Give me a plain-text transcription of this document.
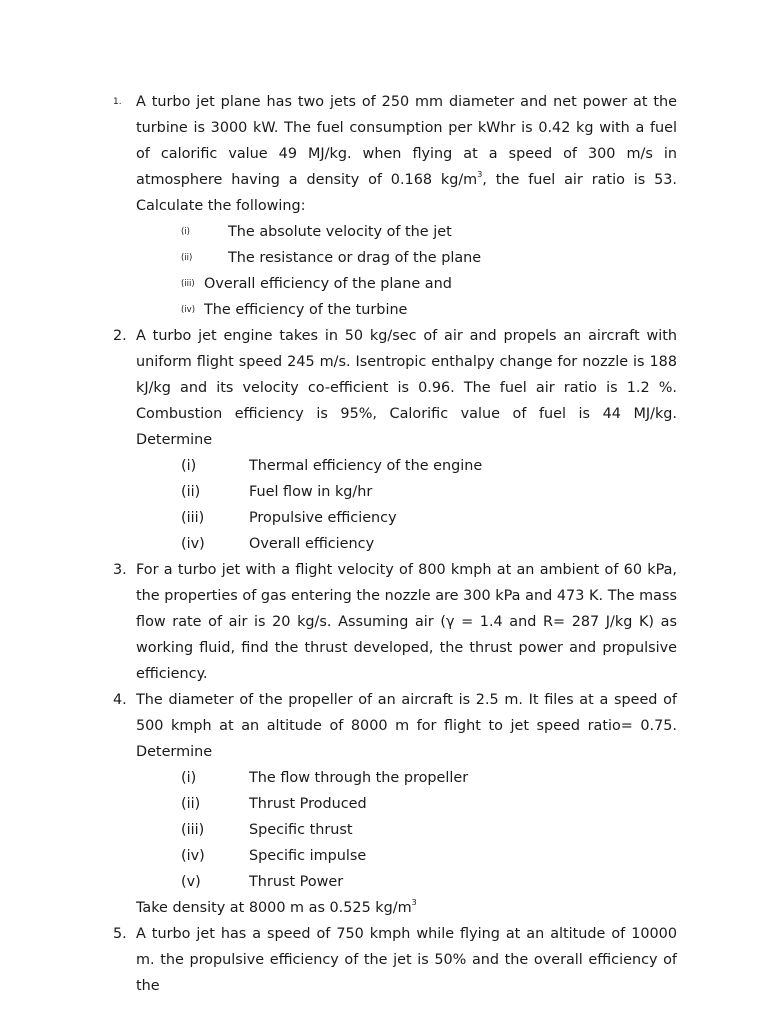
1. A turbo jet plane has two jets of 250 mm diameter and net power at the turbine is 3000 kW. The fuel consumption per kWhr is 0.42 kg with a fuel of calorific value 49 MJ/kg. when flying at a speed of 300 m/s in atmosphere having a density of 0.168 $kg/m^3$, the fuel air ratio is 53. Calculate the following:

(i)	The absolute velocity of the jet
(ii) The resistance or drag of the plane
(iii) Overall efficiency of the plane and
(iv) The efficiency of the turbine
2. A turbo jet engine takes in 50 kg/sec of air and propels an aircraft with uniform flight speed 245 m/s. Isentropic enthalpy change for nozzle is 188 kJ/kg and its velocity co-efficient is 0.96. The fuel air ratio is 1.2 %. Combustion efficiency is 95%, Calorific value of fuel is 44 MJ/kg. Determine

(i)	Thermal efficiency of the engine
(ii)	Fuel flow in kg/hr
(iii)	Propulsive efficiency
(iv)	Overall efficiency
3. For a turbo jet with a flight velocity of 800 kmph at an ambient of 60 kPa, the properties of gas entering the nozzle are 300 kPa and 473 K. The mass flow rate of air is 20 kg/s. Assuming air (γ = 1.4 and R= 287 J/kg K) as working fluid, find the thrust developed, the thrust power and propulsive efficiency.

4. The diameter of the propeller of an aircraft is 2.5 m. It files at a speed of 500 kmph at an altitude of 8000 m for flight to jet speed ratio= 0.75. Determine

(i)	The flow through the propeller
(ii)	Thrust Produced
(iii)	Specific thrust
(iv)	Specific impulse
(v)	Thrust Power

Take density at 8000 m as 0.525 $kg/m^3$

5. A turbo jet has a speed of 750 kmph while flying at an altitude of 10000 m. the propulsive efficiency of the jet is 50% and the overall efficiency of the
